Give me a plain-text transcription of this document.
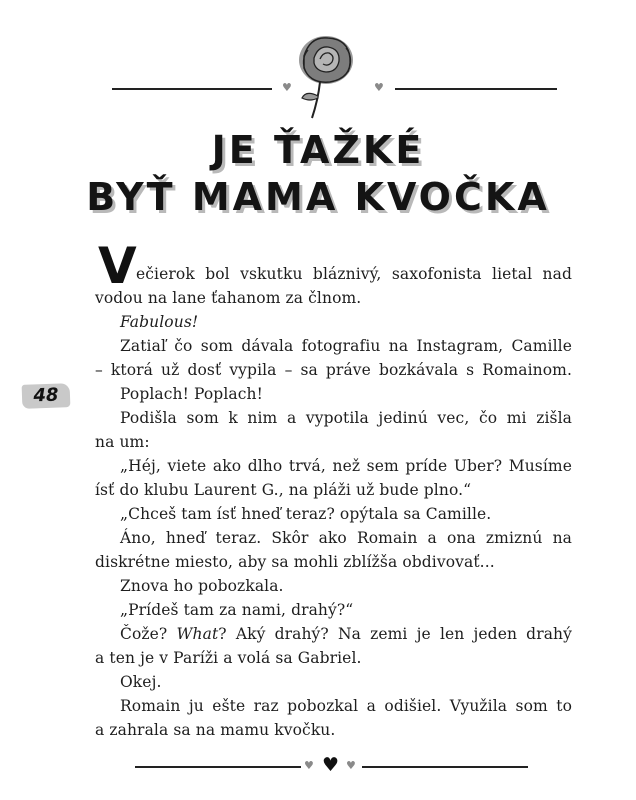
♥	♥
JE ŤAŽKÉ
BYŤ MAMA KVOČKA
48
V ečierok bol vskutku bláznivý, saxofonista lietal nad
vodou na lane ťahanom za člnom.
Fabulous!
Zatiaľ čo som dávala fotografiu na Instagram, Camille
– ktorá už dosť vypila – sa práve bozkávala s Romainom.
Poplach! Poplach!
Podišla som k nim a vypotila jedinú vec, čo mi zišla
na um:
„Héj, viete ako dlho trvá, než sem príde Uber? Musíme
ísť do klubu Laurent G., na pláži už bude plno.“
„Chceš tam ísť hneď teraz? opýtala sa Camille.
Áno, hneď teraz. Skôr ako Romain a ona zmiznú na
diskrétne miesto, aby sa mohli zblížša obdivovať...
Znova ho pobozkala.
„Prídeš tam za nami, drahý?“
Čože? What? Aký drahý? Na zemi je len jeden drahý
a ten je v Paríži a volá sa Gabriel.
Okej.
Romain ju ešte raz pobozkal a odišiel. Využila som to
a zahrala sa na mamu kvočku.
♥ ♥ ♥
